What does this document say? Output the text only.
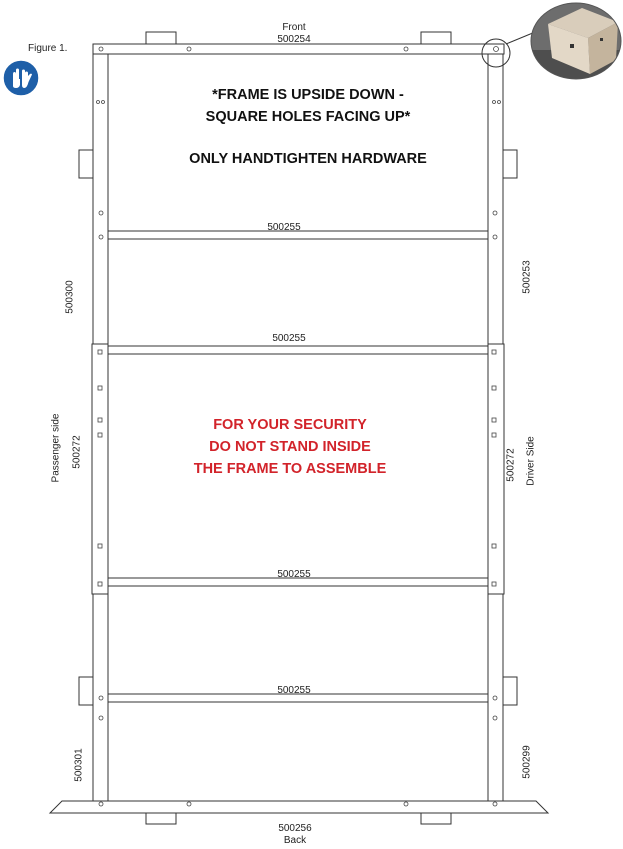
Figure 1.
Front
500254
500256
Back
500255
500255
500255
500255
500300
500272
Passenger side
500301
500253
500272 Driver Side
500299
*FRAME IS UPSIDE DOWN -
SQUARE HOLES FACING UP*
ONLY HANDTIGHTEN HARDWARE
FOR YOUR SECURITY
DO NOT STAND INSIDE
THE FRAME TO ASSEMBLE
